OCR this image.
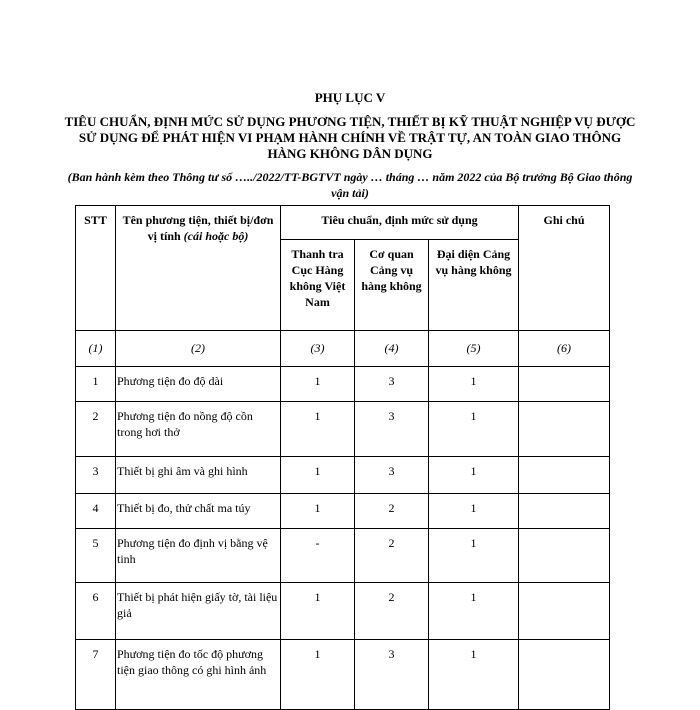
PHỤ LỤC V
TIÊU CHUẨN, ĐỊNH MỨC SỬ DỤNG PHƯƠNG TIỆN, THIẾT BỊ KỸ THUẬT NGHIỆP VỤ ĐƯỢC SỬ DỤNG ĐỂ PHÁT HIỆN VI PHẠM HÀNH CHÍNH VỀ TRẬT TỰ, AN TOÀN GIAO THÔNG HÀNG KHÔNG DÂN DỤNG
(Ban hành kèm theo Thông tư số …../2022/TT-BGTVT ngày … tháng … năm 2022 của Bộ trưởng Bộ Giao thông vận tải)
STT	Tên phương tiện, thiết bị/đơn vị tính (cái hoặc bộ)	Tiêu chuẩn, định mức sử dụng			Ghi chú
		Thanh tra Cục Hàng không Việt Nam	Cơ quan Cảng vụ hàng không	Đại diện Cảng vụ hàng không	
(1)	(2)	(3)	(4)	(5)	(6)
1	Phương tiện đo độ dài	1	3	1	
2	Phương tiện đo nồng độ cồn trong hơi thở	1	3	1	
3	Thiết bị ghi âm và ghi hình	1	3	1	
4	Thiết bị đo, thử chất ma túy	1	2	1	
5	Phương tiện đo định vị bằng vệ tinh	-	2	1	
6	Thiết bị phát hiện giấy tờ, tài liệu giả	1	2	1	
7	Phương tiện đo tốc độ phương tiện giao thông có ghi hình ảnh	1	3	1	
